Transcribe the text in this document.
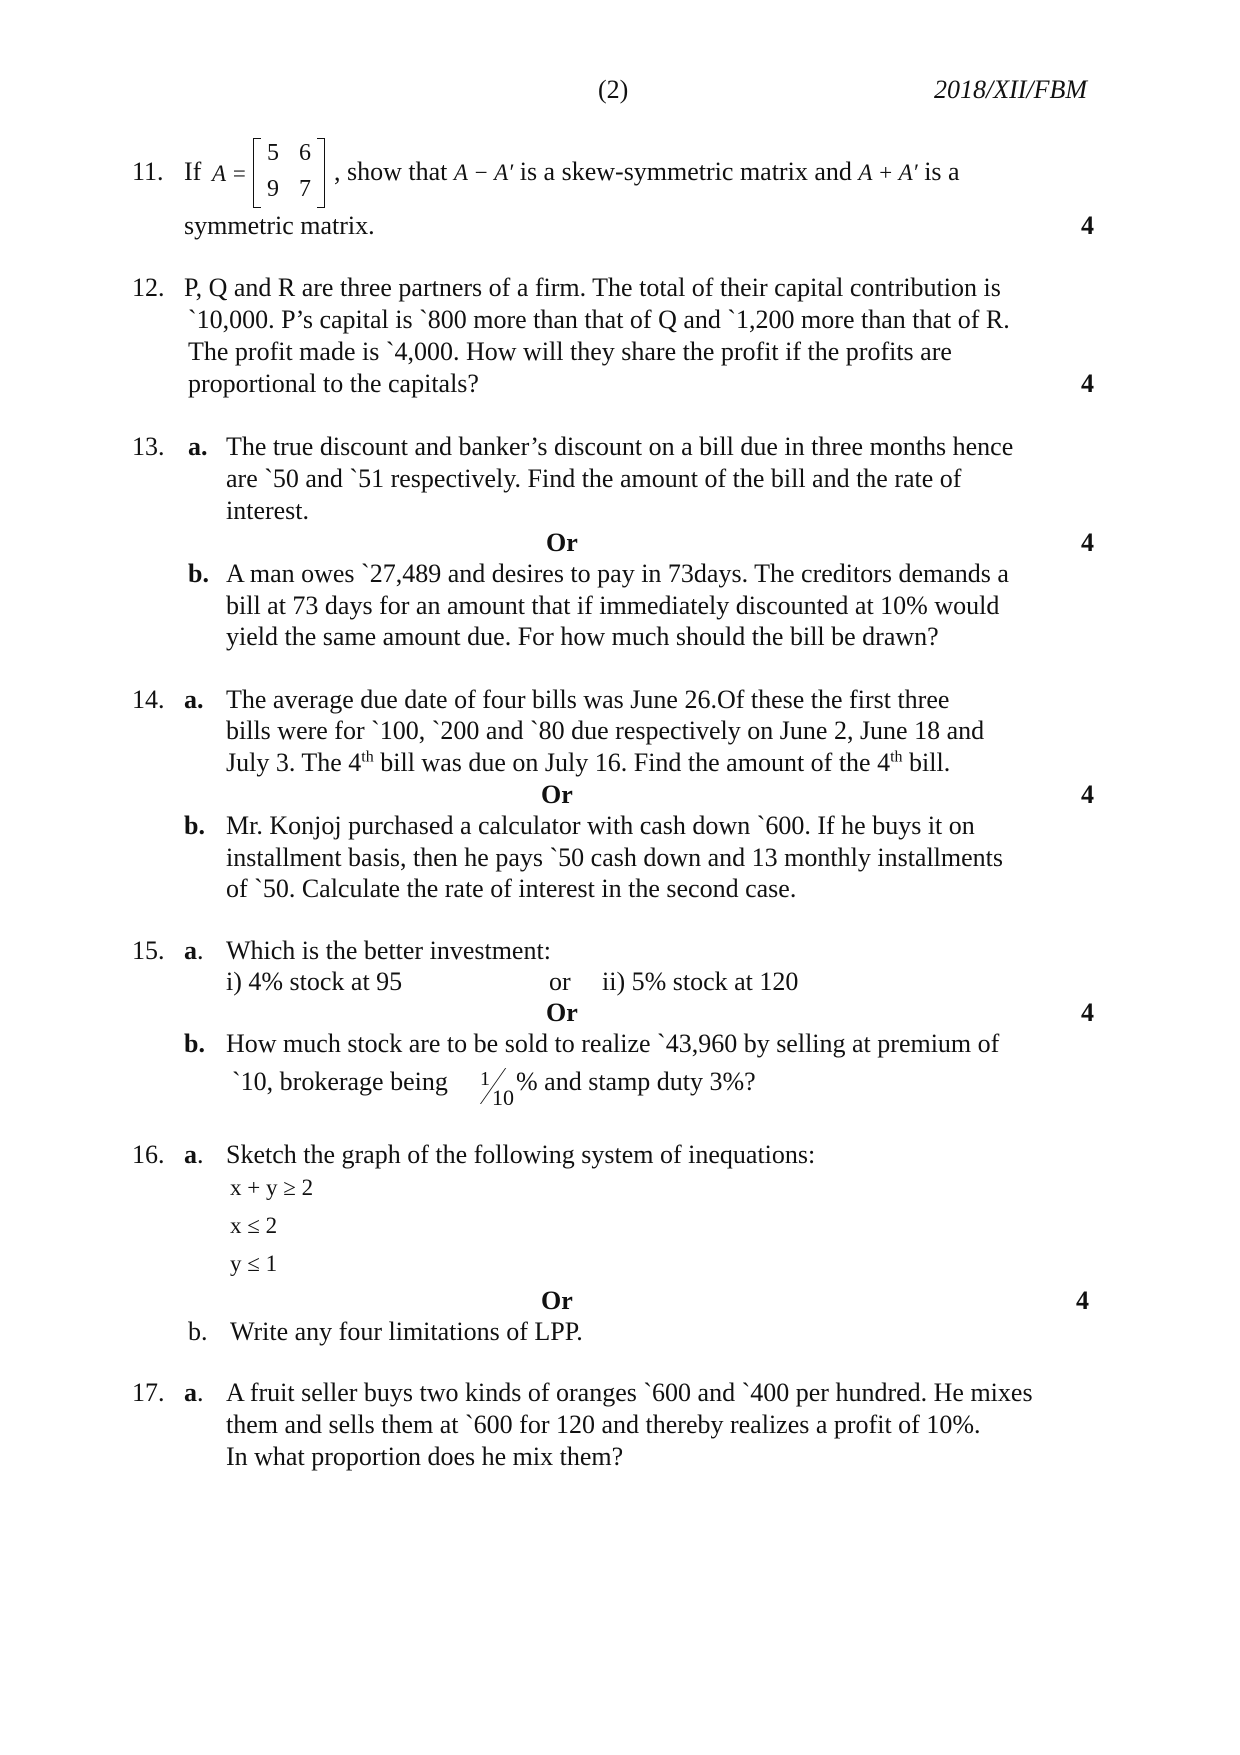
(2)	2018/XII/FBM
11. If A =
5 6
9 7
, show that A − A′ is a skew-symmetric matrix and A + A′ is a
symmetric matrix.	4
12. P, Q and R are three partners of a firm. The total of their capital contribution is
`10,000. P’s capital is `800 more than that of Q and `1,200 more than that of R.
The profit made is `4,000. How will they share the profit if the profits are
proportional to the capitals?	4
13. a. The true discount and banker’s discount on a bill due in three months hence
are `50 and `51 respectively. Find the amount of the bill and the rate of
interest.
Or	4
b. A man owes `27,489 and desires to pay in 73days. The creditors demands a
bill at 73 days for an amount that if immediately discounted at 10% would
yield the same amount due. For how much should the bill be drawn?
14. a. The average due date of four bills was June 26.Of these the first three
bills were for `100, `200 and `80 due respectively on June 2, June 18 and
July 3. The 4th bill was due on July 16. Find the amount of the 4th bill.
Or	4
b. Mr. Konjoj purchased a calculator with cash down `600. If he buys it on
installment basis, then he pays `50 cash down and 13 monthly installments
of `50. Calculate the rate of interest in the second case.
15. a. Which is the better investment:
i) 4% stock at 95	or ii) 5% stock at 120
Or	4
b. How much stock are to be sold to realize `43,960 by selling at premium of
`10, brokerage being 1
10
% and stamp duty 3%?
16. a. Sketch the graph of the following system of inequations:
x + y ≥ 2
x ≤ 2
y ≤ 1
Or	4
b. Write any four limitations of LPP.
17. a. A fruit seller buys two kinds of oranges `600 and `400 per hundred. He mixes
them and sells them at `600 for 120 and thereby realizes a profit of 10%.
In what proportion does he mix them?
